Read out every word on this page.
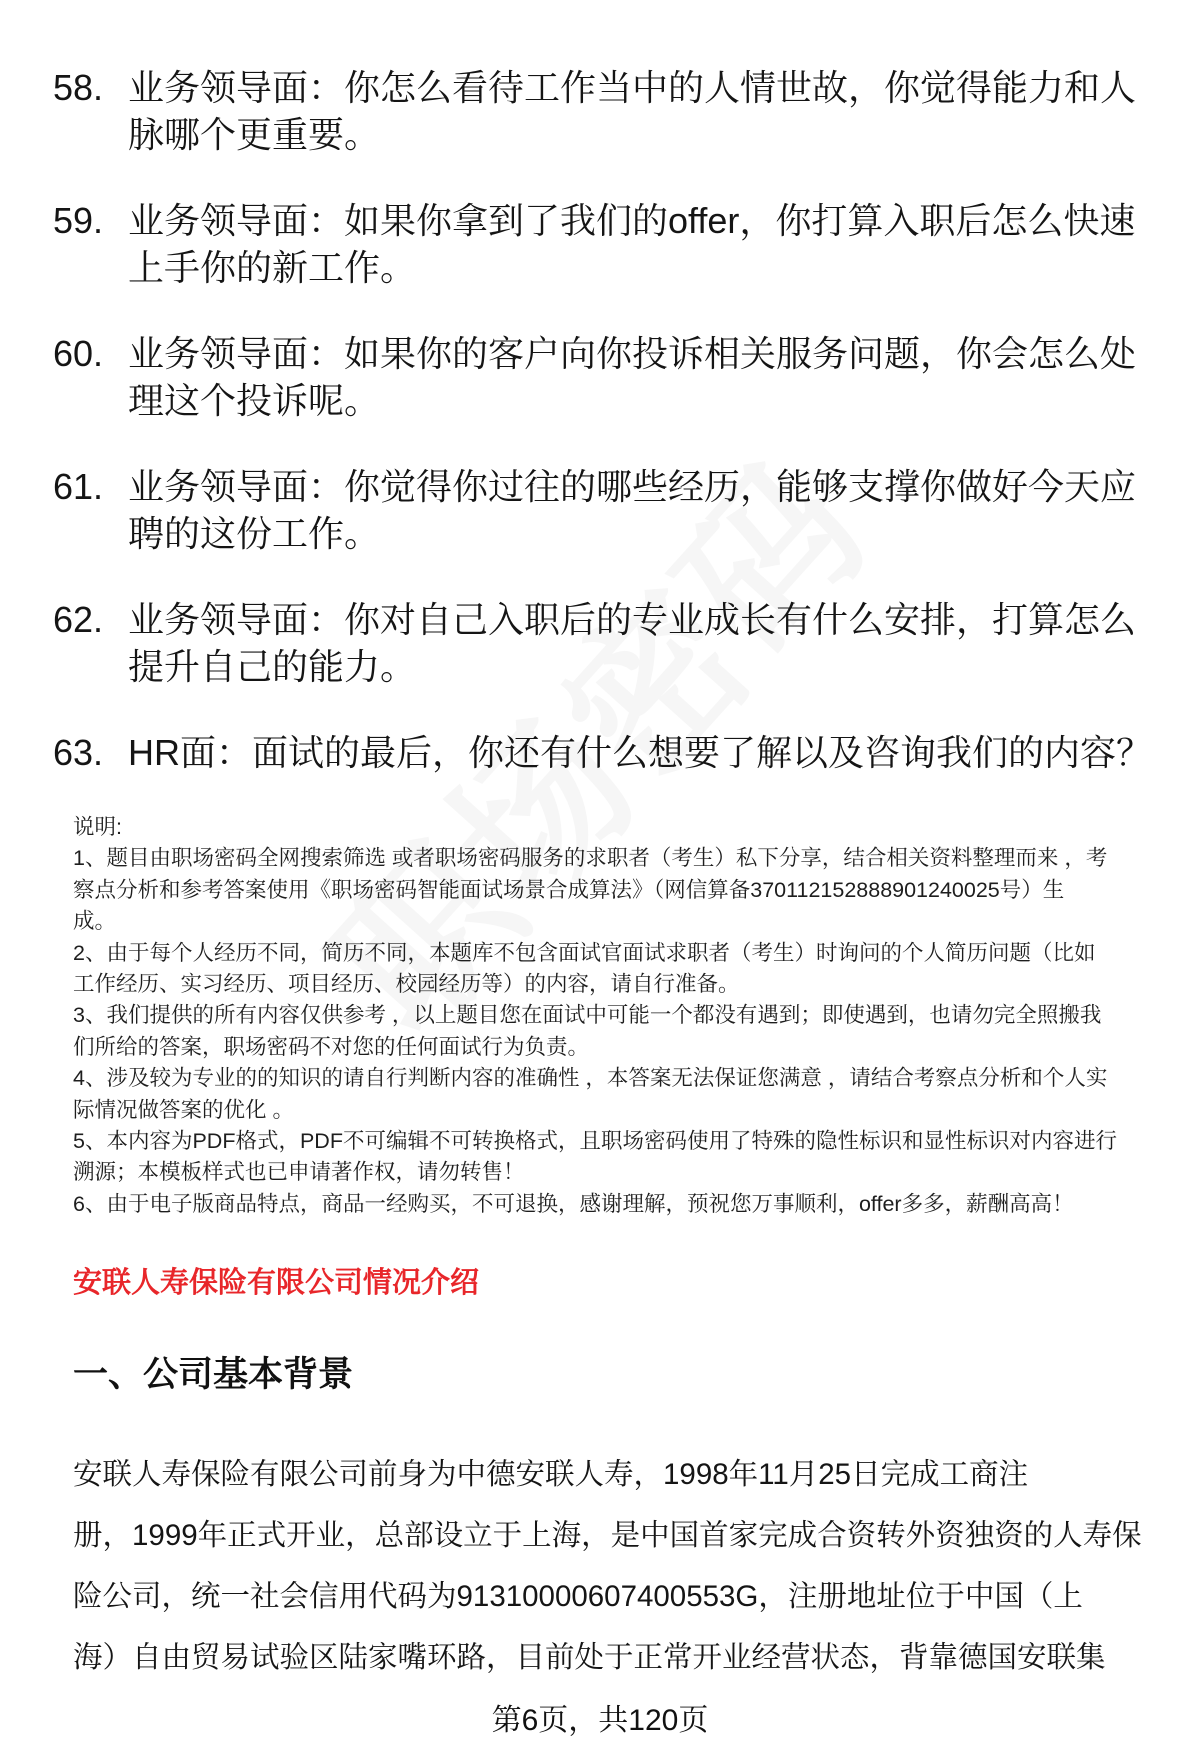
58. 业务领导面：你怎么看待工作当中的人情世故，你觉得能力和人
脉哪个更重要。
59. 业务领导面：如果你拿到了我们的offer，你打算入职后怎么快速
上手你的新工作。
60. 业务领导面：如果你的客户向你投诉相关服务问题，你会怎么处
理这个投诉呢。
61. 业务领导面：你觉得你过往的哪些经历，能够支撑你做好今天应
聘的这份工作。
62. 业务领导面：你对自己入职后的专业成长有什么安排，打算怎么
提升自己的能力。
63. HR面：面试的最后，你还有什么想要了解以及咨询我们的内容？
说明:
1、题目由职场密码全网搜索筛选 或者职场密码服务的求职者（考生）私下分享，结合相关资料整理而来 ，考
察点分析和参考答案使用《职场密码智能面试场景合成算法》（网信算备370112152888901240025号）生
成。
2、由于每个人经历不同，简历不同，本题库不包含面试官面试求职者（考生）时询问的个人简历问题（比如
工作经历、实习经历、项目经历、校园经历等）的内容，请自行准备。
3、我们提供的所有内容仅供参考 ，以上题目您在面试中可能一个都没有遇到；即使遇到，也请勿完全照搬我
们所给的答案，职场密码不对您的任何面试行为负责。
4、涉及较为专业的的知识的请自行判断内容的准确性 ，本答案无法保证您满意 ，请结合考察点分析和个人实
际情况做答案的优化 。
5、本内容为PDF格式，PDF不可编辑不可转换格式，且职场密码使用了特殊的隐性标识和显性标识对内容进行
溯源；本模板样式也已申请著作权，请勿转售！
6、由于电子版商品特点，商品一经购买，不可退换，感谢理解，预祝您万事顺利，offer多多，薪酬高高！
安联人寿保险有限公司情况介绍
一、公司基本背景
安联人寿保险有限公司前身为中德安联人寿，1998年11月25日完成工商注
册，1999年正式开业，总部设立于上海，是中国首家完成合资转外资独资的人寿保
险公司，统一社会信用代码为91310000607400553G，注册地址位于中国（上
海）自由贸易试验区陆家嘴环路，目前处于正常开业经营状态，背靠德国安联集
第6页，共120页
